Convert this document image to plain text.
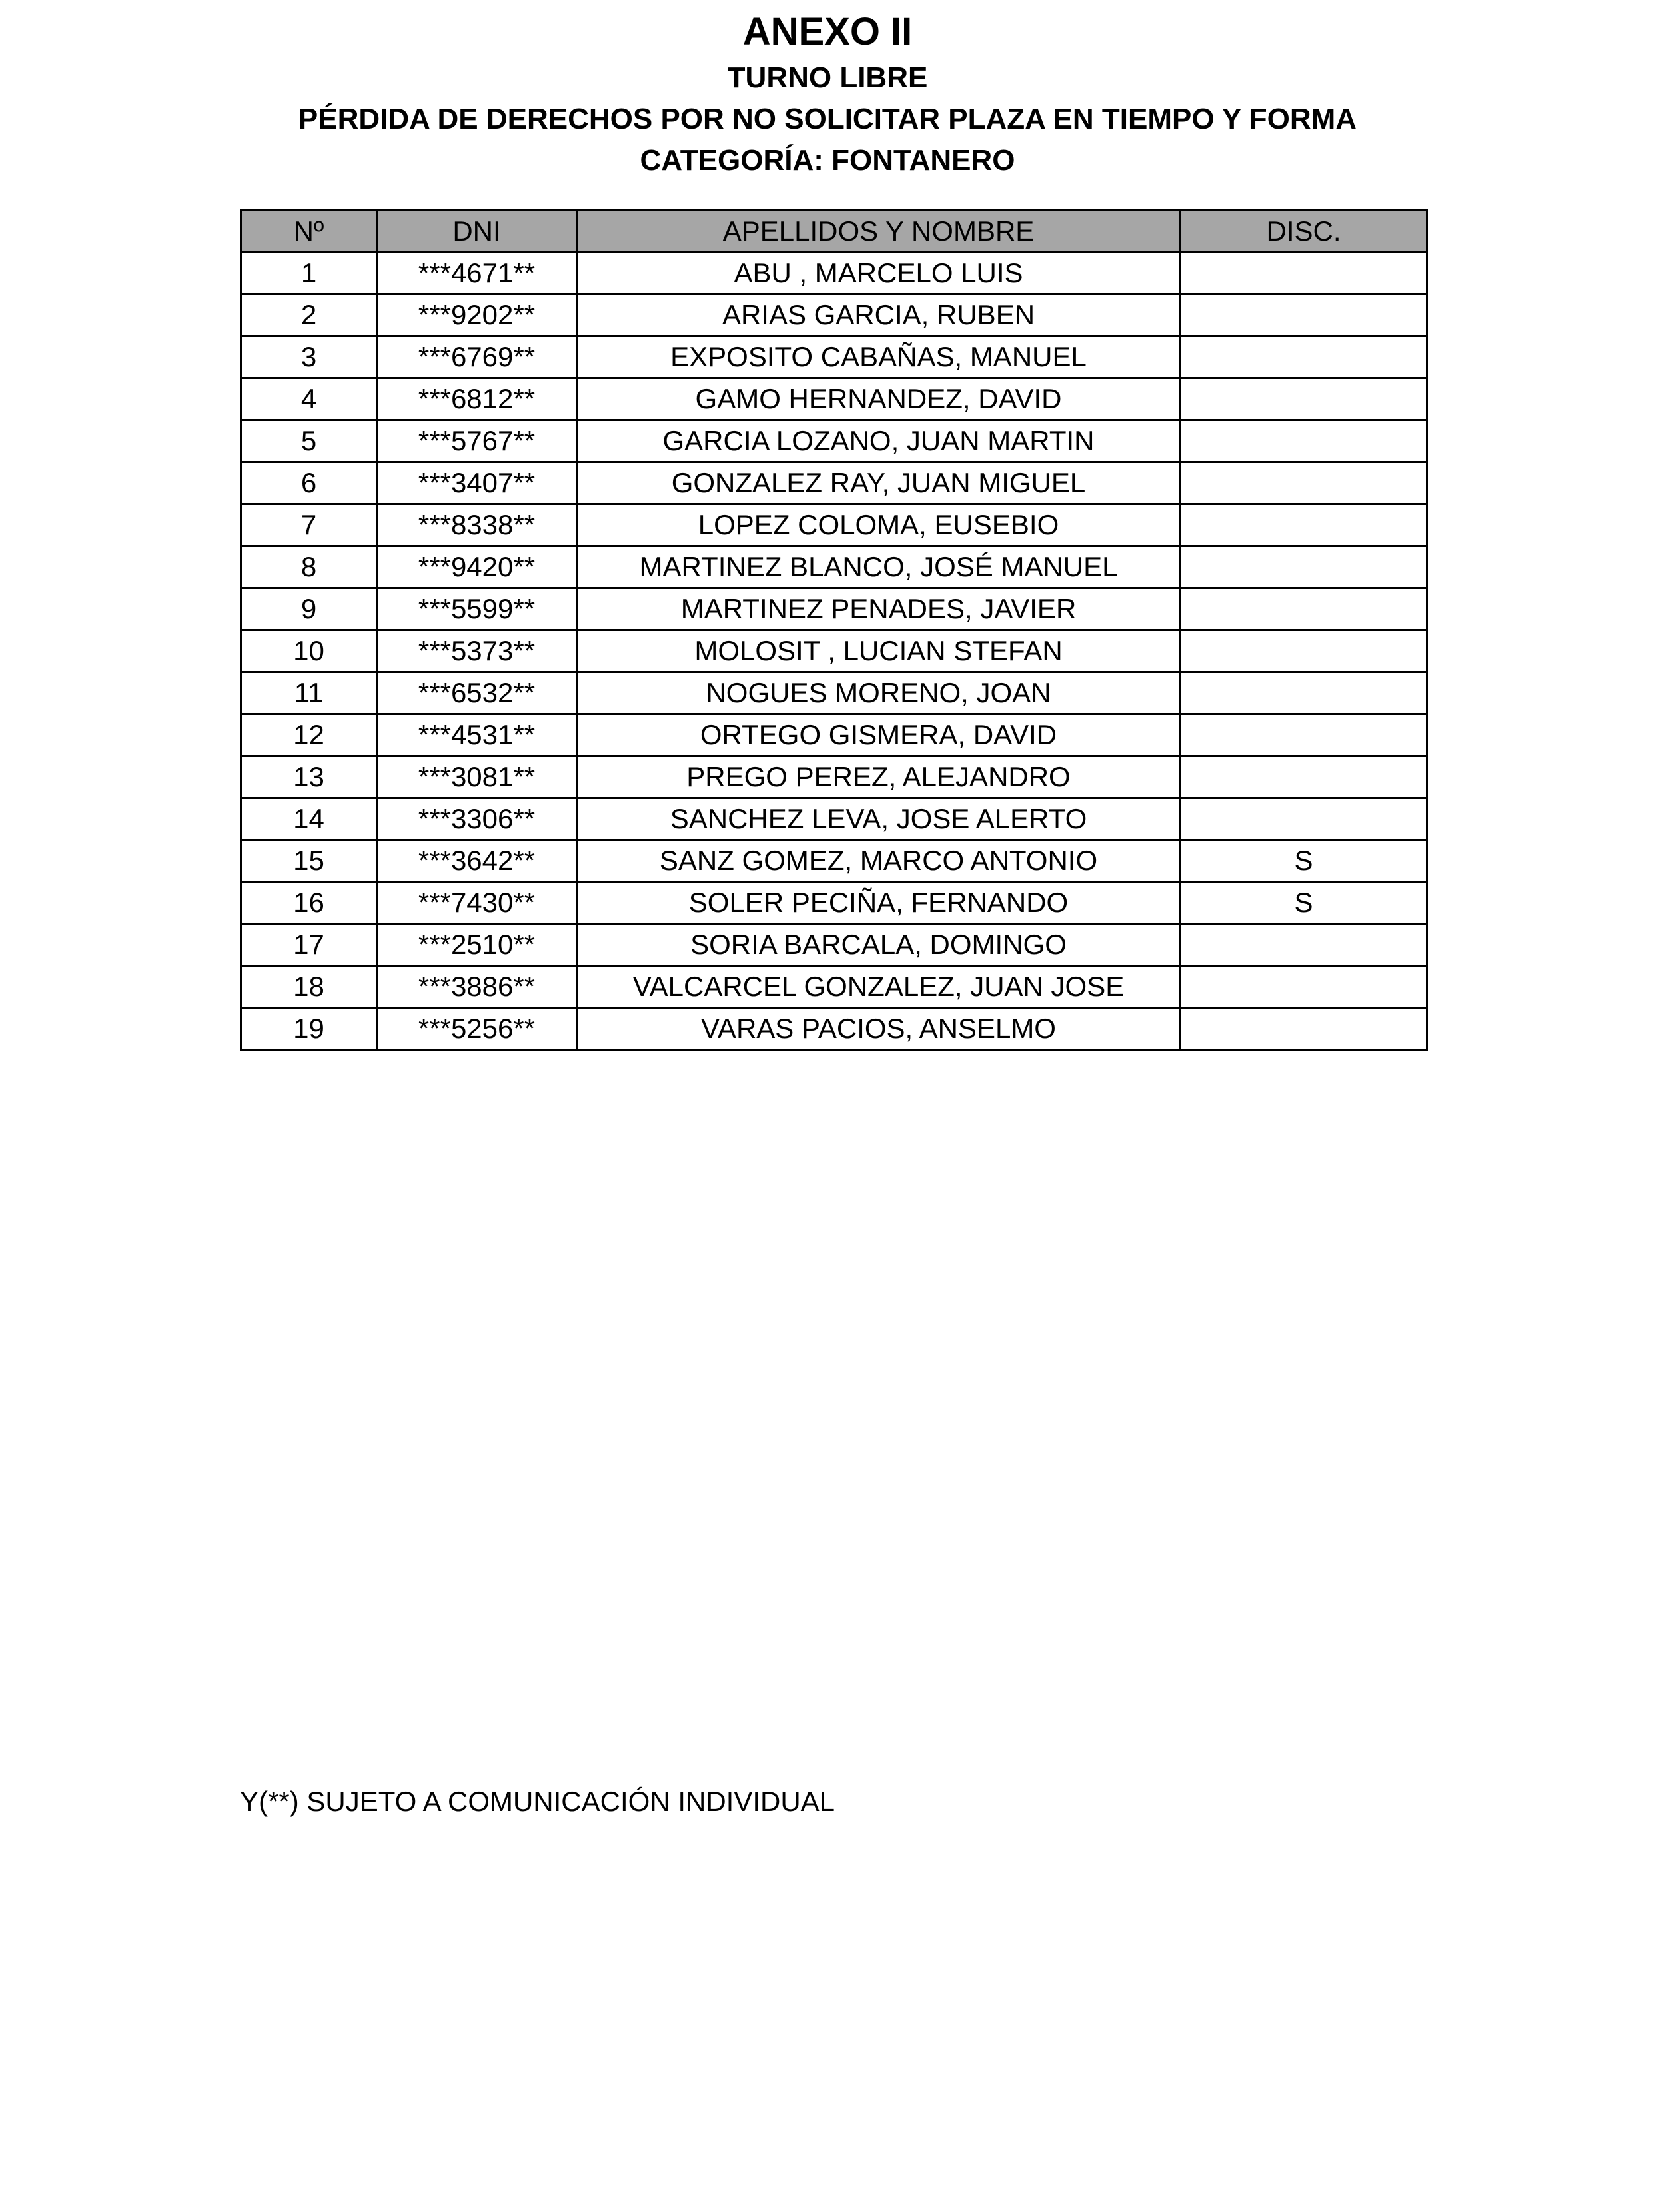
ANEXO II
TURNO LIBRE
PÉRDIDA DE DERECHOS POR NO SOLICITAR PLAZA EN TIEMPO Y FORMA
CATEGORÍA: FONTANERO
Nº	DNI	APELLIDOS Y NOMBRE	DISC.
1	***4671**	ABU , MARCELO LUIS	
2	***9202**	ARIAS GARCIA, RUBEN	
3	***6769**	EXPOSITO CABAÑAS, MANUEL	
4	***6812**	GAMO HERNANDEZ, DAVID	
5	***5767**	GARCIA LOZANO, JUAN MARTIN	
6	***3407**	GONZALEZ RAY, JUAN MIGUEL	
7	***8338**	LOPEZ COLOMA, EUSEBIO	
8	***9420**	MARTINEZ BLANCO, JOSÉ MANUEL	
9	***5599**	MARTINEZ PENADES, JAVIER	
10	***5373**	MOLOSIT , LUCIAN STEFAN	
11	***6532**	NOGUES MORENO, JOAN	
12	***4531**	ORTEGO GISMERA, DAVID	
13	***3081**	PREGO PEREZ, ALEJANDRO	
14	***3306**	SANCHEZ LEVA, JOSE ALERTO	
15	***3642**	SANZ GOMEZ, MARCO ANTONIO	S
16	***7430**	SOLER PECIÑA, FERNANDO	S
17	***2510**	SORIA BARCALA, DOMINGO	
18	***3886**	VALCARCEL GONZALEZ, JUAN JOSE	
19	***5256**	VARAS PACIOS, ANSELMO	
Y(**) SUJETO A COMUNICACIÓN INDIVIDUAL
